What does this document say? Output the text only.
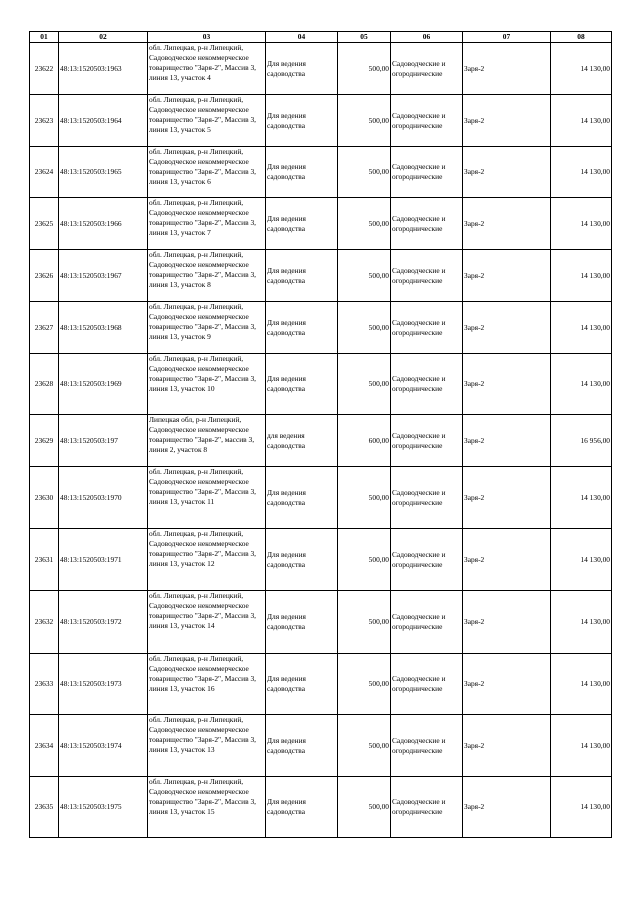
01	02	03	04	05	06	07	08
23622	48:13:1520503:1963	обл. Липецкая, р-н Липецкий, Садоводческое некоммерческое товарищество "Заря-2", Массив 3, линия 13, участок 4	Для ведения садоводства	500,00	Садоводческие и огороднические	Заря-2	14 130,00
23623	48:13:1520503:1964	обл. Липецкая, р-н Липецкий, Садоводческое некоммерческое товарищество "Заря-2", Массив 3, линия 13, участок 5	Для ведения садоводства	500,00	Садоводческие и огороднические	Заря-2	14 130,00
23624	48:13:1520503:1965	обл. Липецкая, р-н Липецкий, Садоводческое некоммерческое товарищество "Заря-2", Массив 3, линия 13, участок 6	Для ведения садоводства	500,00	Садоводческие и огороднические	Заря-2	14 130,00
23625	48:13:1520503:1966	обл. Липецкая, р-н Липецкий, Садоводческое некоммерческое товарищество "Заря-2", Массив 3, линия 13, участок 7	Для ведения садоводства	500,00	Садоводческие и огороднические	Заря-2	14 130,00
23626	48:13:1520503:1967	обл. Липецкая, р-н Липецкий, Садоводческое некоммерческое товарищество "Заря-2", Массив 3, линия 13, участок 8	Для ведения садоводства	500,00	Садоводческие и огороднические	Заря-2	14 130,00
23627	48:13:1520503:1968	обл. Липецкая, р-н Липецкий, Садоводческое некоммерческое товарищество "Заря-2", Массив 3, линия 13, участок 9	Для ведения садоводства	500,00	Садоводческие и огороднические	Заря-2	14 130,00
23628	48:13:1520503:1969	обл. Липецкая, р-н Липецкий, Садоводческое некоммерческое товарищество "Заря-2", Массив 3, линия 13, участок 10	Для ведения садоводства	500,00	Садоводческие и огороднические	Заря-2	14 130,00
23629	48:13:1520503:197	Липецкая обл, р-н Липецкий, Садоводческое некоммерческое товарищество "Заря-2", массив 3, линия 2, участок 8	для ведения садоводства	600,00	Садоводческие и огороднические	Заря-2	16 956,00
23630	48:13:1520503:1970	обл. Липецкая, р-н Липецкий, Садоводческое некоммерческое товарищество "Заря-2", Массив 3, линия 13, участок 11	Для ведения садоводства	500,00	Садоводческие и огороднические	Заря-2	14 130,00
23631	48:13:1520503:1971	обл. Липецкая, р-н Липецкий, Садоводческое некоммерческое товарищество "Заря-2", Массив 3, линия 13, участок 12	Для ведения садоводства	500,00	Садоводческие и огороднические	Заря-2	14 130,00
23632	48:13:1520503:1972	обл. Липецкая, р-н Липецкий, Садоводческое некоммерческое товарищество "Заря-2", Массив 3, линия 13, участок 14	Для ведения садоводства	500,00	Садоводческие и огороднические	Заря-2	14 130,00
23633	48:13:1520503:1973	обл. Липецкая, р-н Липецкий, Садоводческое некоммерческое товарищество "Заря-2", Массив 3, линия 13, участок 16	Для ведения садоводства	500,00	Садоводческие и огороднические	Заря-2	14 130,00
23634	48:13:1520503:1974	обл. Липецкая, р-н Липецкий, Садоводческое некоммерческое товарищество "Заря-2", Массив 3, линия 13, участок 13	Для ведения садоводства	500,00	Садоводческие и огороднические	Заря-2	14 130,00
23635	48:13:1520503:1975	обл. Липецкая, р-н Липецкий, Садоводческое некоммерческое товарищество "Заря-2", Массив 3, линия 13, участок 15	Для ведения садоводства	500,00	Садоводческие и огороднические	Заря-2	14 130,00
